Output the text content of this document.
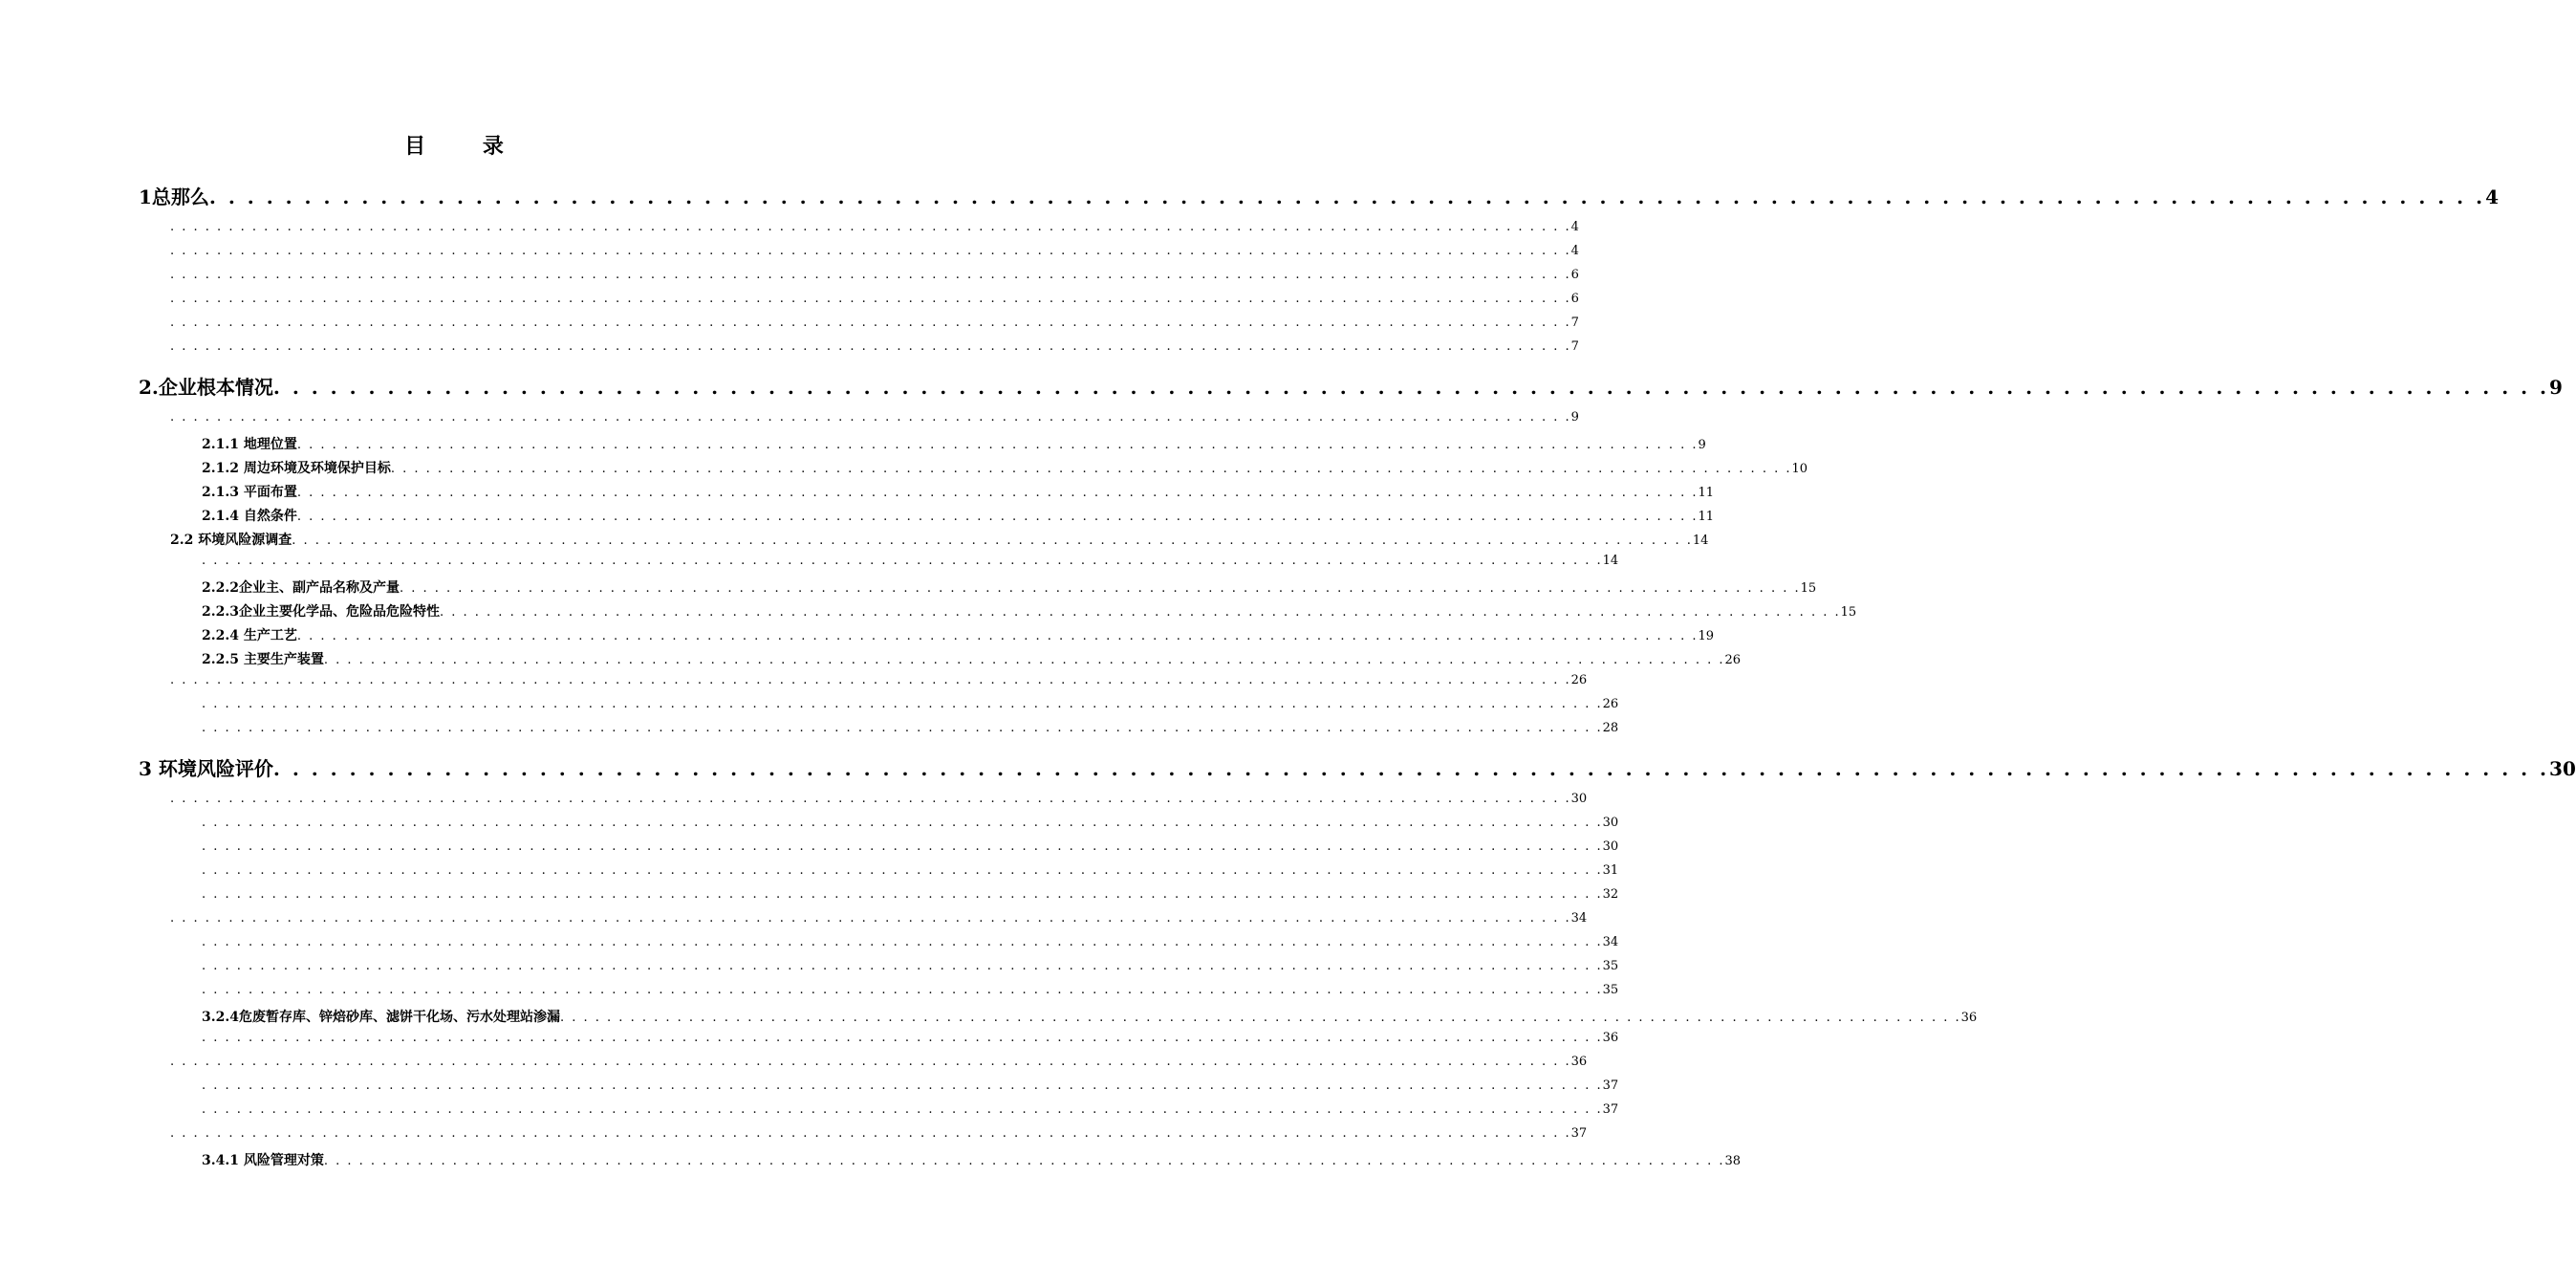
目 录
1总那么 . . . . . . . . . . . . . . . . . . . . . . . . . . . . . . . . . . . . . . . . . . . . . . . . . . . . . . . . . . . . . . . . . . . . . . . . . . . . . . . . . . . . . . . . . . . . . . . . . . . . . . . . . . . . . . . . . . . . . . . . 4
. . . . . . . . . . . . . . . . . . . . . . . . . . . . . . . . . . . . . . . . . . . . . . . . . . . . . . . . . . . . . . . . . . . . . . . . . . . . . . . . . . . . . . . . . . . . . . . . . . . . . . . . . . . . . . . . . . . . . . . . 4
. . . . . . . . . . . . . . . . . . . . . . . . . . . . . . . . . . . . . . . . . . . . . . . . . . . . . . . . . . . . . . . . . . . . . . . . . . . . . . . . . . . . . . . . . . . . . . . . . . . . . . . . . . . . . . . . . . . . . . . . 4
. . . . . . . . . . . . . . . . . . . . . . . . . . . . . . . . . . . . . . . . . . . . . . . . . . . . . . . . . . . . . . . . . . . . . . . . . . . . . . . . . . . . . . . . . . . . . . . . . . . . . . . . . . . . . . . . . . . . . . . . 6
. . . . . . . . . . . . . . . . . . . . . . . . . . . . . . . . . . . . . . . . . . . . . . . . . . . . . . . . . . . . . . . . . . . . . . . . . . . . . . . . . . . . . . . . . . . . . . . . . . . . . . . . . . . . . . . . . . . . . . . . 6
. . . . . . . . . . . . . . . . . . . . . . . . . . . . . . . . . . . . . . . . . . . . . . . . . . . . . . . . . . . . . . . . . . . . . . . . . . . . . . . . . . . . . . . . . . . . . . . . . . . . . . . . . . . . . . . . . . . . . . . . 7
. . . . . . . . . . . . . . . . . . . . . . . . . . . . . . . . . . . . . . . . . . . . . . . . . . . . . . . . . . . . . . . . . . . . . . . . . . . . . . . . . . . . . . . . . . . . . . . . . . . . . . . . . . . . . . . . . . . . . . . . 7
2.企业根本情况 . . . . . . . . . . . . . . . . . . . . . . . . . . . . . . . . . . . . . . . . . . . . . . . . . . . . . . . . . . . . . . . . . . . . . . . . . . . . . . . . . . . . . . . . . . . . . . . . . . . . . . . . . . . . . . . . . . . . . . . . 9
. . . . . . . . . . . . . . . . . . . . . . . . . . . . . . . . . . . . . . . . . . . . . . . . . . . . . . . . . . . . . . . . . . . . . . . . . . . . . . . . . . . . . . . . . . . . . . . . . . . . . . . . . . . . . . . . . . . . . . . . 9
2.1.1 地理位置 . . . . . . . . . . . . . . . . . . . . . . . . . . . . . . . . . . . . . . . . . . . . . . . . . . . . . . . . . . . . . . . . . . . . . . . . . . . . . . . . . . . . . . . . . . . . . . . . . . . . . . . . . . . . . . . . . . . . . . . . 9
2.1.2 周边环境及环境保护目标 . . . . . . . . . . . . . . . . . . . . . . . . . . . . . . . . . . . . . . . . . . . . . . . . . . . . . . . . . . . . . . . . . . . . . . . . . . . . . . . . . . . . . . . . . . . . . . . . . . . . . . . . . . . . . . . . . . . . . . . . 10
2.1.3 平面布置 . . . . . . . . . . . . . . . . . . . . . . . . . . . . . . . . . . . . . . . . . . . . . . . . . . . . . . . . . . . . . . . . . . . . . . . . . . . . . . . . . . . . . . . . . . . . . . . . . . . . . . . . . . . . . . . . . . . . . . . . 11
2.1.4 自然条件 . . . . . . . . . . . . . . . . . . . . . . . . . . . . . . . . . . . . . . . . . . . . . . . . . . . . . . . . . . . . . . . . . . . . . . . . . . . . . . . . . . . . . . . . . . . . . . . . . . . . . . . . . . . . . . . . . . . . . . . . 11
2.2 环境风险源调查 . . . . . . . . . . . . . . . . . . . . . . . . . . . . . . . . . . . . . . . . . . . . . . . . . . . . . . . . . . . . . . . . . . . . . . . . . . . . . . . . . . . . . . . . . . . . . . . . . . . . . . . . . . . . . . . . . . . . . . . . 14
. . . . . . . . . . . . . . . . . . . . . . . . . . . . . . . . . . . . . . . . . . . . . . . . . . . . . . . . . . . . . . . . . . . . . . . . . . . . . . . . . . . . . . . . . . . . . . . . . . . . . . . . . . . . . . . . . . . . . . . . 14
2.2.2企业主、副产品名称及产量 . . . . . . . . . . . . . . . . . . . . . . . . . . . . . . . . . . . . . . . . . . . . . . . . . . . . . . . . . . . . . . . . . . . . . . . . . . . . . . . . . . . . . . . . . . . . . . . . . . . . . . . . . . . . . . . . . . . . . . . . 15
2.2.3企业主要化学品、危险品危险特性 . . . . . . . . . . . . . . . . . . . . . . . . . . . . . . . . . . . . . . . . . . . . . . . . . . . . . . . . . . . . . . . . . . . . . . . . . . . . . . . . . . . . . . . . . . . . . . . . . . . . . . . . . . . . . . . . . . . . . . . . 15
2.2.4 生产工艺 . . . . . . . . . . . . . . . . . . . . . . . . . . . . . . . . . . . . . . . . . . . . . . . . . . . . . . . . . . . . . . . . . . . . . . . . . . . . . . . . . . . . . . . . . . . . . . . . . . . . . . . . . . . . . . . . . . . . . . . . 19
2.2.5 主要生产装置 . . . . . . . . . . . . . . . . . . . . . . . . . . . . . . . . . . . . . . . . . . . . . . . . . . . . . . . . . . . . . . . . . . . . . . . . . . . . . . . . . . . . . . . . . . . . . . . . . . . . . . . . . . . . . . . . . . . . . . . . 26
. . . . . . . . . . . . . . . . . . . . . . . . . . . . . . . . . . . . . . . . . . . . . . . . . . . . . . . . . . . . . . . . . . . . . . . . . . . . . . . . . . . . . . . . . . . . . . . . . . . . . . . . . . . . . . . . . . . . . . . . 26
. . . . . . . . . . . . . . . . . . . . . . . . . . . . . . . . . . . . . . . . . . . . . . . . . . . . . . . . . . . . . . . . . . . . . . . . . . . . . . . . . . . . . . . . . . . . . . . . . . . . . . . . . . . . . . . . . . . . . . . . 26
. . . . . . . . . . . . . . . . . . . . . . . . . . . . . . . . . . . . . . . . . . . . . . . . . . . . . . . . . . . . . . . . . . . . . . . . . . . . . . . . . . . . . . . . . . . . . . . . . . . . . . . . . . . . . . . . . . . . . . . . 28
3 环境风险评价 . . . . . . . . . . . . . . . . . . . . . . . . . . . . . . . . . . . . . . . . . . . . . . . . . . . . . . . . . . . . . . . . . . . . . . . . . . . . . . . . . . . . . . . . . . . . . . . . . . . . . . . . . . . . . . . . . . . . . . . . 30
. . . . . . . . . . . . . . . . . . . . . . . . . . . . . . . . . . . . . . . . . . . . . . . . . . . . . . . . . . . . . . . . . . . . . . . . . . . . . . . . . . . . . . . . . . . . . . . . . . . . . . . . . . . . . . . . . . . . . . . . 30
. . . . . . . . . . . . . . . . . . . . . . . . . . . . . . . . . . . . . . . . . . . . . . . . . . . . . . . . . . . . . . . . . . . . . . . . . . . . . . . . . . . . . . . . . . . . . . . . . . . . . . . . . . . . . . . . . . . . . . . . 30
. . . . . . . . . . . . . . . . . . . . . . . . . . . . . . . . . . . . . . . . . . . . . . . . . . . . . . . . . . . . . . . . . . . . . . . . . . . . . . . . . . . . . . . . . . . . . . . . . . . . . . . . . . . . . . . . . . . . . . . . 30
. . . . . . . . . . . . . . . . . . . . . . . . . . . . . . . . . . . . . . . . . . . . . . . . . . . . . . . . . . . . . . . . . . . . . . . . . . . . . . . . . . . . . . . . . . . . . . . . . . . . . . . . . . . . . . . . . . . . . . . . 31
. . . . . . . . . . . . . . . . . . . . . . . . . . . . . . . . . . . . . . . . . . . . . . . . . . . . . . . . . . . . . . . . . . . . . . . . . . . . . . . . . . . . . . . . . . . . . . . . . . . . . . . . . . . . . . . . . . . . . . . . 32
. . . . . . . . . . . . . . . . . . . . . . . . . . . . . . . . . . . . . . . . . . . . . . . . . . . . . . . . . . . . . . . . . . . . . . . . . . . . . . . . . . . . . . . . . . . . . . . . . . . . . . . . . . . . . . . . . . . . . . . . 34
. . . . . . . . . . . . . . . . . . . . . . . . . . . . . . . . . . . . . . . . . . . . . . . . . . . . . . . . . . . . . . . . . . . . . . . . . . . . . . . . . . . . . . . . . . . . . . . . . . . . . . . . . . . . . . . . . . . . . . . . 34
. . . . . . . . . . . . . . . . . . . . . . . . . . . . . . . . . . . . . . . . . . . . . . . . . . . . . . . . . . . . . . . . . . . . . . . . . . . . . . . . . . . . . . . . . . . . . . . . . . . . . . . . . . . . . . . . . . . . . . . . 35
. . . . . . . . . . . . . . . . . . . . . . . . . . . . . . . . . . . . . . . . . . . . . . . . . . . . . . . . . . . . . . . . . . . . . . . . . . . . . . . . . . . . . . . . . . . . . . . . . . . . . . . . . . . . . . . . . . . . . . . . 35
3.2.4危废暂存库、锌焙砂库、滤饼干化场、污水处理站渗漏 . . . . . . . . . . . . . . . . . . . . . . . . . . . . . . . . . . . . . . . . . . . . . . . . . . . . . . . . . . . . . . . . . . . . . . . . . . . . . . . . . . . . . . . . . . . . . . . . . . . . . . . . . . . . . . . . . . . . . . . . 36
. . . . . . . . . . . . . . . . . . . . . . . . . . . . . . . . . . . . . . . . . . . . . . . . . . . . . . . . . . . . . . . . . . . . . . . . . . . . . . . . . . . . . . . . . . . . . . . . . . . . . . . . . . . . . . . . . . . . . . . . 36
. . . . . . . . . . . . . . . . . . . . . . . . . . . . . . . . . . . . . . . . . . . . . . . . . . . . . . . . . . . . . . . . . . . . . . . . . . . . . . . . . . . . . . . . . . . . . . . . . . . . . . . . . . . . . . . . . . . . . . . . 36
. . . . . . . . . . . . . . . . . . . . . . . . . . . . . . . . . . . . . . . . . . . . . . . . . . . . . . . . . . . . . . . . . . . . . . . . . . . . . . . . . . . . . . . . . . . . . . . . . . . . . . . . . . . . . . . . . . . . . . . . 37
. . . . . . . . . . . . . . . . . . . . . . . . . . . . . . . . . . . . . . . . . . . . . . . . . . . . . . . . . . . . . . . . . . . . . . . . . . . . . . . . . . . . . . . . . . . . . . . . . . . . . . . . . . . . . . . . . . . . . . . . 37
. . . . . . . . . . . . . . . . . . . . . . . . . . . . . . . . . . . . . . . . . . . . . . . . . . . . . . . . . . . . . . . . . . . . . . . . . . . . . . . . . . . . . . . . . . . . . . . . . . . . . . . . . . . . . . . . . . . . . . . . 37
3.4.1 风险管理对策 . . . . . . . . . . . . . . . . . . . . . . . . . . . . . . . . . . . . . . . . . . . . . . . . . . . . . . . . . . . . . . . . . . . . . . . . . . . . . . . . . . . . . . . . . . . . . . . . . . . . . . . . . . . . . . . . . . . . . . . . 38
